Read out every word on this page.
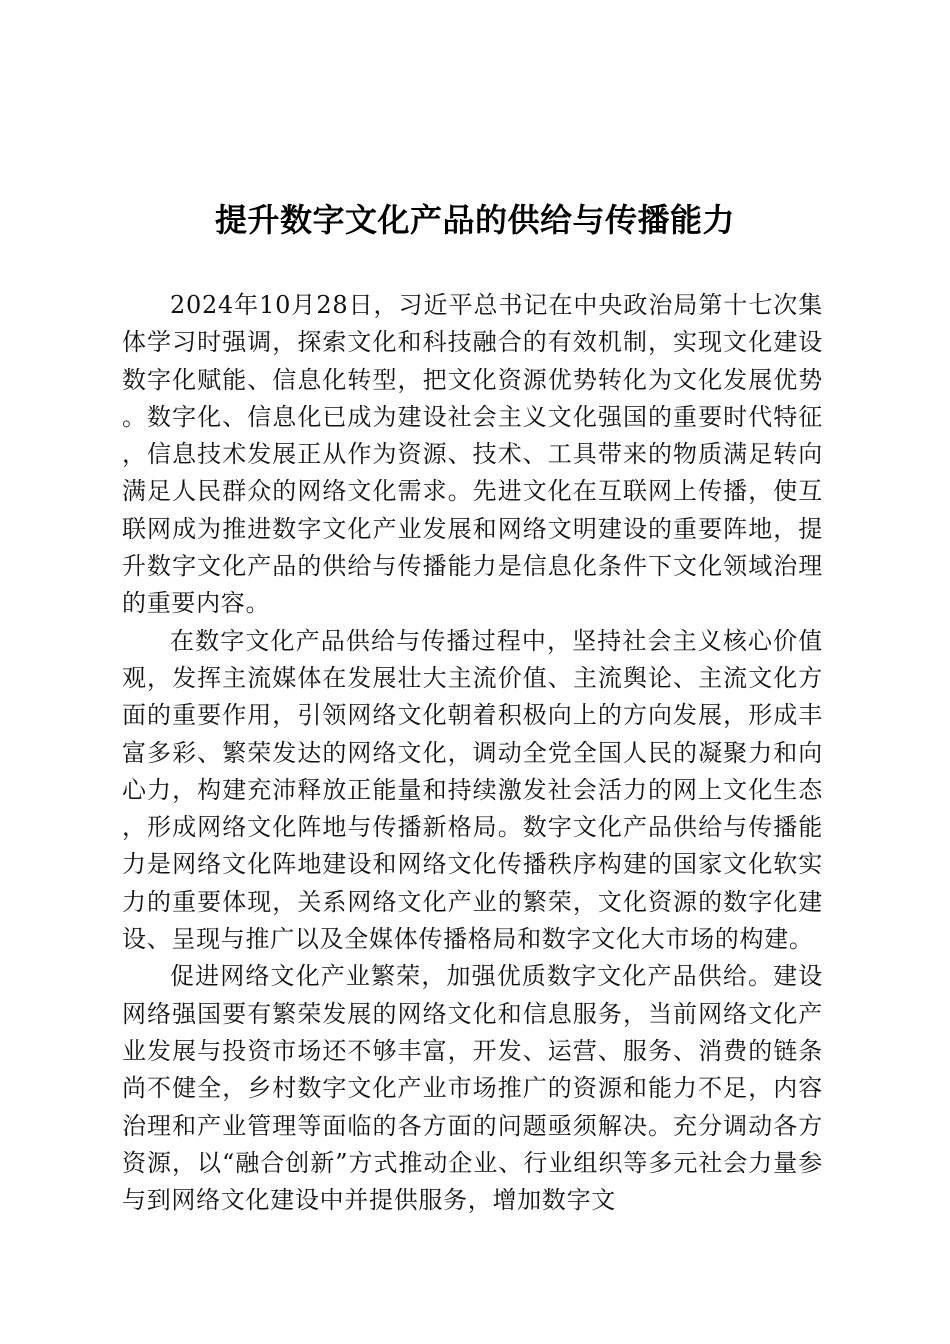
提升数字文化产品的供给与传播能力

2024年10月28日，习近平总书记在中央政治局第十七次集体学习时强调，探索文化和科技融合的有效机制，实现文化建设数字化赋能、信息化转型，把文化资源优势转化为文化发展优势。数字化、信息化已成为建设社会主义文化强国的重要时代特征，信息技术发展正从作为资源、技术、工具带来的物质满足转向满足人民群众的网络文化需求。先进文化在互联网上传播，使互联网成为推进数字文化产业发展和网络文明建设的重要阵地，提升数字文化产品的供给与传播能力是信息化条件下文化领域治理的重要内容。

在数字文化产品供给与传播过程中，坚持社会主义核心价值观，发挥主流媒体在发展壮大主流价值、主流舆论、主流文化方面的重要作用，引领网络文化朝着积极向上的方向发展，形成丰富多彩、繁荣发达的网络文化，调动全党全国人民的凝聚力和向心力，构建充沛释放正能量和持续激发社会活力的网上文化生态，形成网络文化阵地与传播新格局。数字文化产品供给与传播能力是网络文化阵地建设和网络文化传播秩序构建的国家文化软实力的重要体现，关系网络文化产业的繁荣，文化资源的数字化建设、呈现与推广以及全媒体传播格局和数字文化大市场的构建。

促进网络文化产业繁荣，加强优质数字文化产品供给。建设网络强国要有繁荣发展的网络文化和信息服务，当前网络文化产业发展与投资市场还不够丰富，开发、运营、服务、消费的链条尚不健全，乡村数字文化产业市场推广的资源和能力不足，内容治理和产业管理等面临的各方面的问题亟须解决。充分调动各方资源，以“融合创新”方式推动企业、行业组织等多元社会力量参与到网络文化建设中并提供服务，增加数字文
